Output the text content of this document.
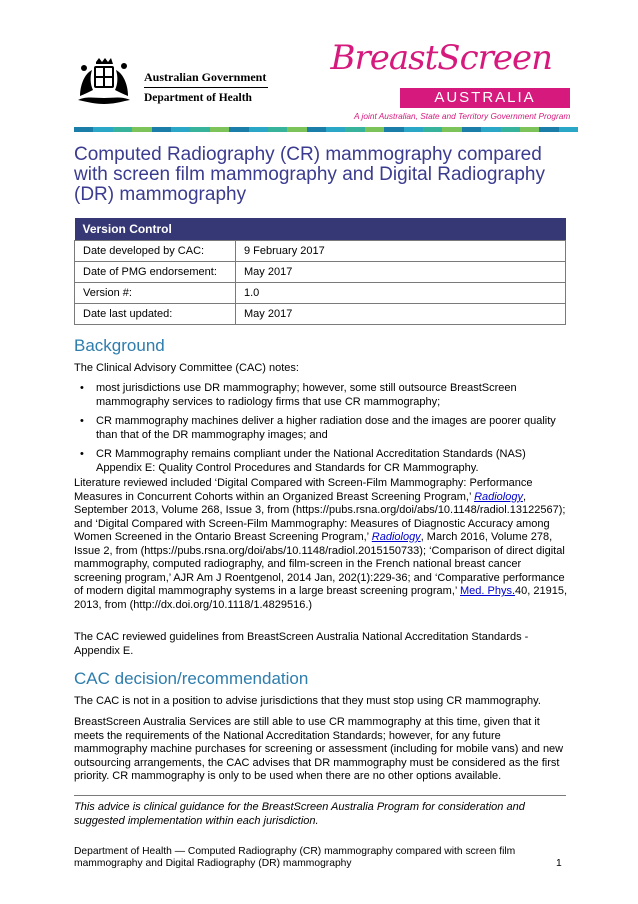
Australian Government
Department of Health
BreastScreen
AUSTRALIA
A joint Australian, State and Territory Government Program
Computed Radiography (CR) mammography compared with screen film mammography and Digital Radiography (DR) mammography
Version Control	
Date developed by CAC:	9 February 2017
Date of PMG endorsement:	May 2017
Version #:	1.0
Date last updated:	May 2017
Background
The Clinical Advisory Committee (CAC) notes:
• most jurisdictions use DR mammography; however, some still outsource BreastScreen mammography services to radiology firms that use CR mammography;
• CR mammography machines deliver a higher radiation dose and the images are poorer quality than that of the DR mammography images; and
• CR Mammography remains compliant under the National Accreditation Standards (NAS) Appendix E: Quality Control Procedures and Standards for CR Mammography.
Literature reviewed included ‘Digital Compared with Screen-Film Mammography: Performance Measures in Concurrent Cohorts within an Organized Breast Screening Program,’ Radiology, September 2013, Volume 268, Issue 3, from (https://pubs.rsna.org/doi/abs/10.1148/radiol.13122567); and ‘Digital Compared with Screen-Film Mammography: Measures of Diagnostic Accuracy among Women Screened in the Ontario Breast Screening Program,’ Radiology, March 2016, Volume 278, Issue 2, from (https://pubs.rsna.org/doi/abs/10.1148/radiol.2015150733); ‘Comparison of direct digital mammography, computed radiography, and film-screen in the French national breast cancer screening program,’ AJR Am J Roentgenol, 2014 Jan, 202(1):229-36; and ‘Comparative performance of modern digital mammography systems in a large breast screening program,’ Med. Phys.40, 21915, 2013, from (http://dx.doi.org/10.1118/1.4829516.)
The CAC reviewed guidelines from BreastScreen Australia National Accreditation Standards - Appendix E.
CAC decision/recommendation
The CAC is not in a position to advise jurisdictions that they must stop using CR mammography.
BreastScreen Australia Services are still able to use CR mammography at this time, given that it meets the requirements of the National Accreditation Standards; however, for any future mammography machine purchases for screening or assessment (including for mobile vans) and new outsourcing arrangements, the CAC advises that DR mammography must be considered as the first priority. CR mammography is only to be used when there are no other options available.
This advice is clinical guidance for the BreastScreen Australia Program for consideration and suggested implementation within each jurisdiction.
Department of Health — Computed Radiography (CR) mammography compared with screen film mammography and Digital Radiography (DR) mammography	1
